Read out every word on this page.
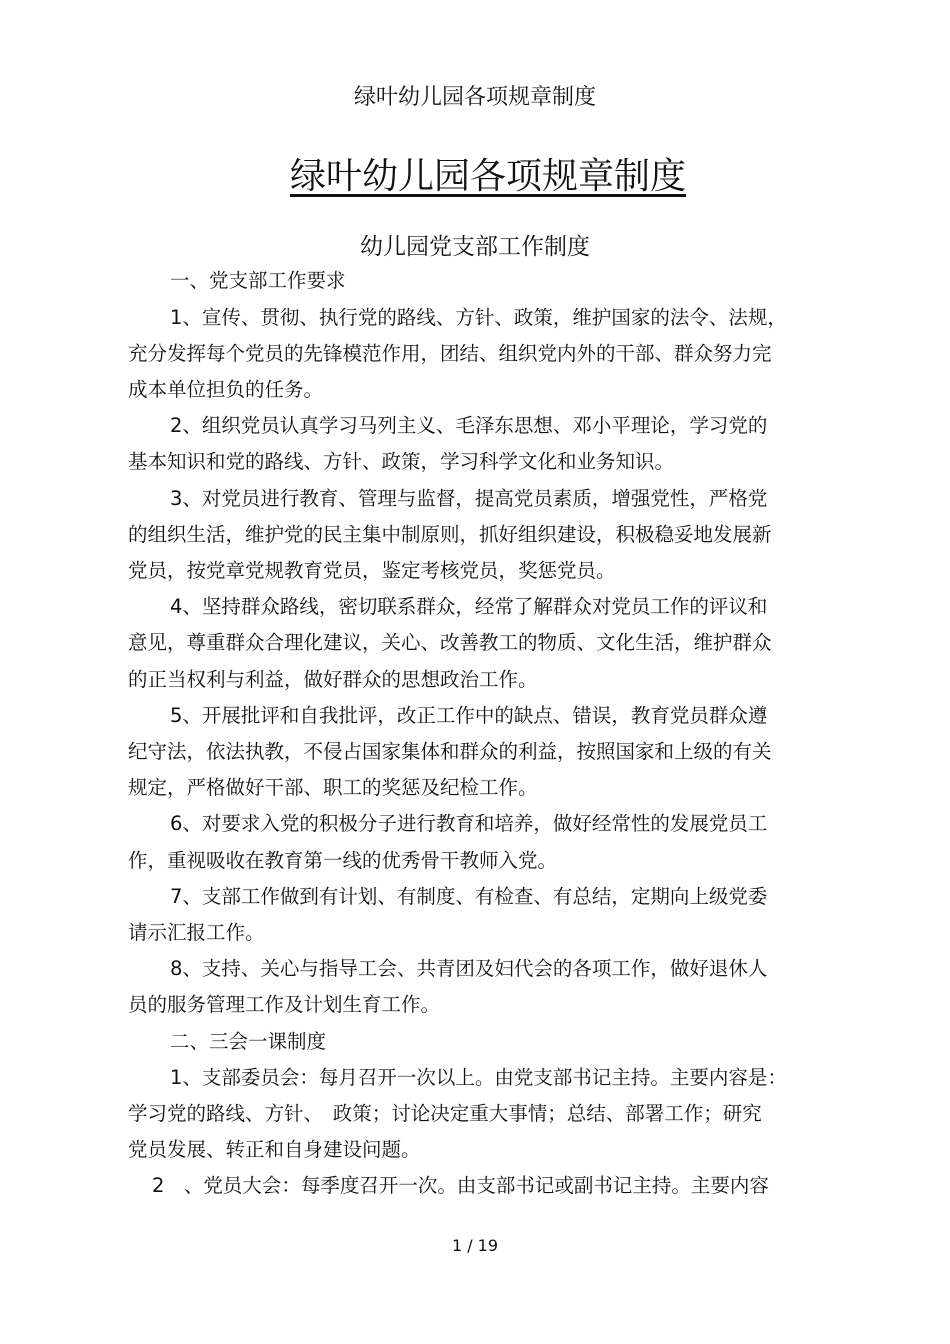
绿叶幼儿园各项规章制度
绿叶幼儿园各项规章制度
幼儿园党支部工作制度
一、党支部工作要求
1、宣传、贯彻、执行党的路线、方针、政策，维护国家的法令、法规，
充分发挥每个党员的先锋模范作用，团结、组织党内外的干部、群众努力完
成本单位担负的任务。
2、组织党员认真学习马列主义、毛泽东思想、邓小平理论，学习党的
基本知识和党的路线、方针、政策，学习科学文化和业务知识。
3、对党员进行教育、管理与监督，提高党员素质，增强党性，严格党
的组织生活，维护党的民主集中制原则，抓好组织建设，积极稳妥地发展新
党员，按党章党规教育党员，鉴定考核党员，奖惩党员。
4、坚持群众路线，密切联系群众，经常了解群众对党员工作的评议和
意见，尊重群众合理化建议，关心、改善教工的物质、文化生活，维护群众
的正当权利与利益，做好群众的思想政治工作。
5、开展批评和自我批评，改正工作中的缺点、错误，教育党员群众遵
纪守法，依法执教，不侵占国家集体和群众的利益，按照国家和上级的有关
规定，严格做好干部、职工的奖惩及纪检工作。
6、对要求入党的积极分子进行教育和培养，做好经常性的发展党员工
作，重视吸收在教育第一线的优秀骨干教师入党。
7、支部工作做到有计划、有制度、有检查、有总结，定期向上级党委
请示汇报工作。
8、支持、关心与指导工会、共青团及妇代会的各项工作，做好退休人
员的服务管理工作及计划生育工作。
二、三会一课制度
1、支部委员会：每月召开一次以上。由党支部书记主持。主要内容是：
学习党的路线、方针、　政策；讨论决定重大事情；总结、部署工作；研究
党员发展、转正和自身建设问题。
2　、党员大会：每季度召开一次。由支部书记或副书记主持。主要内容
1 / 19
